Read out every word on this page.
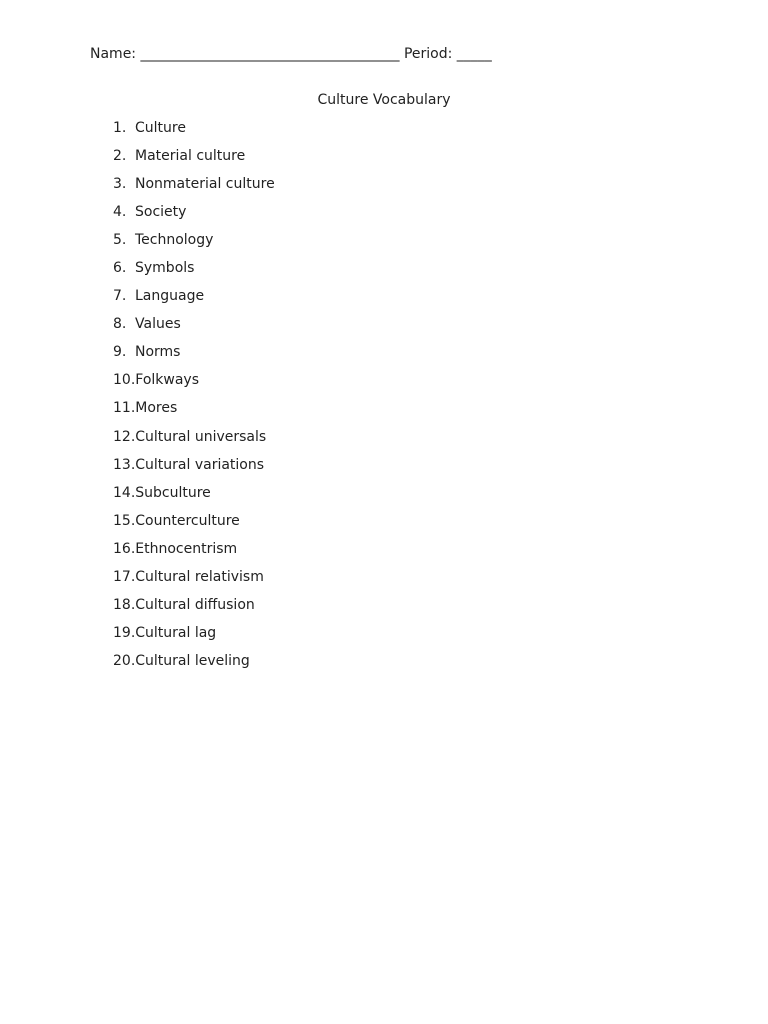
Name: _____________________________________ Period: _____
Culture Vocabulary
1. Culture
2. Material culture
3. Nonmaterial culture
4. Society
5. Technology
6. Symbols
7. Language
8. Values
9. Norms
10.Folkways
11.Mores
12.Cultural universals
13.Cultural variations
14.Subculture
15.Counterculture
16.Ethnocentrism
17.Cultural relativism
18.Cultural diffusion
19.Cultural lag
20.Cultural leveling
